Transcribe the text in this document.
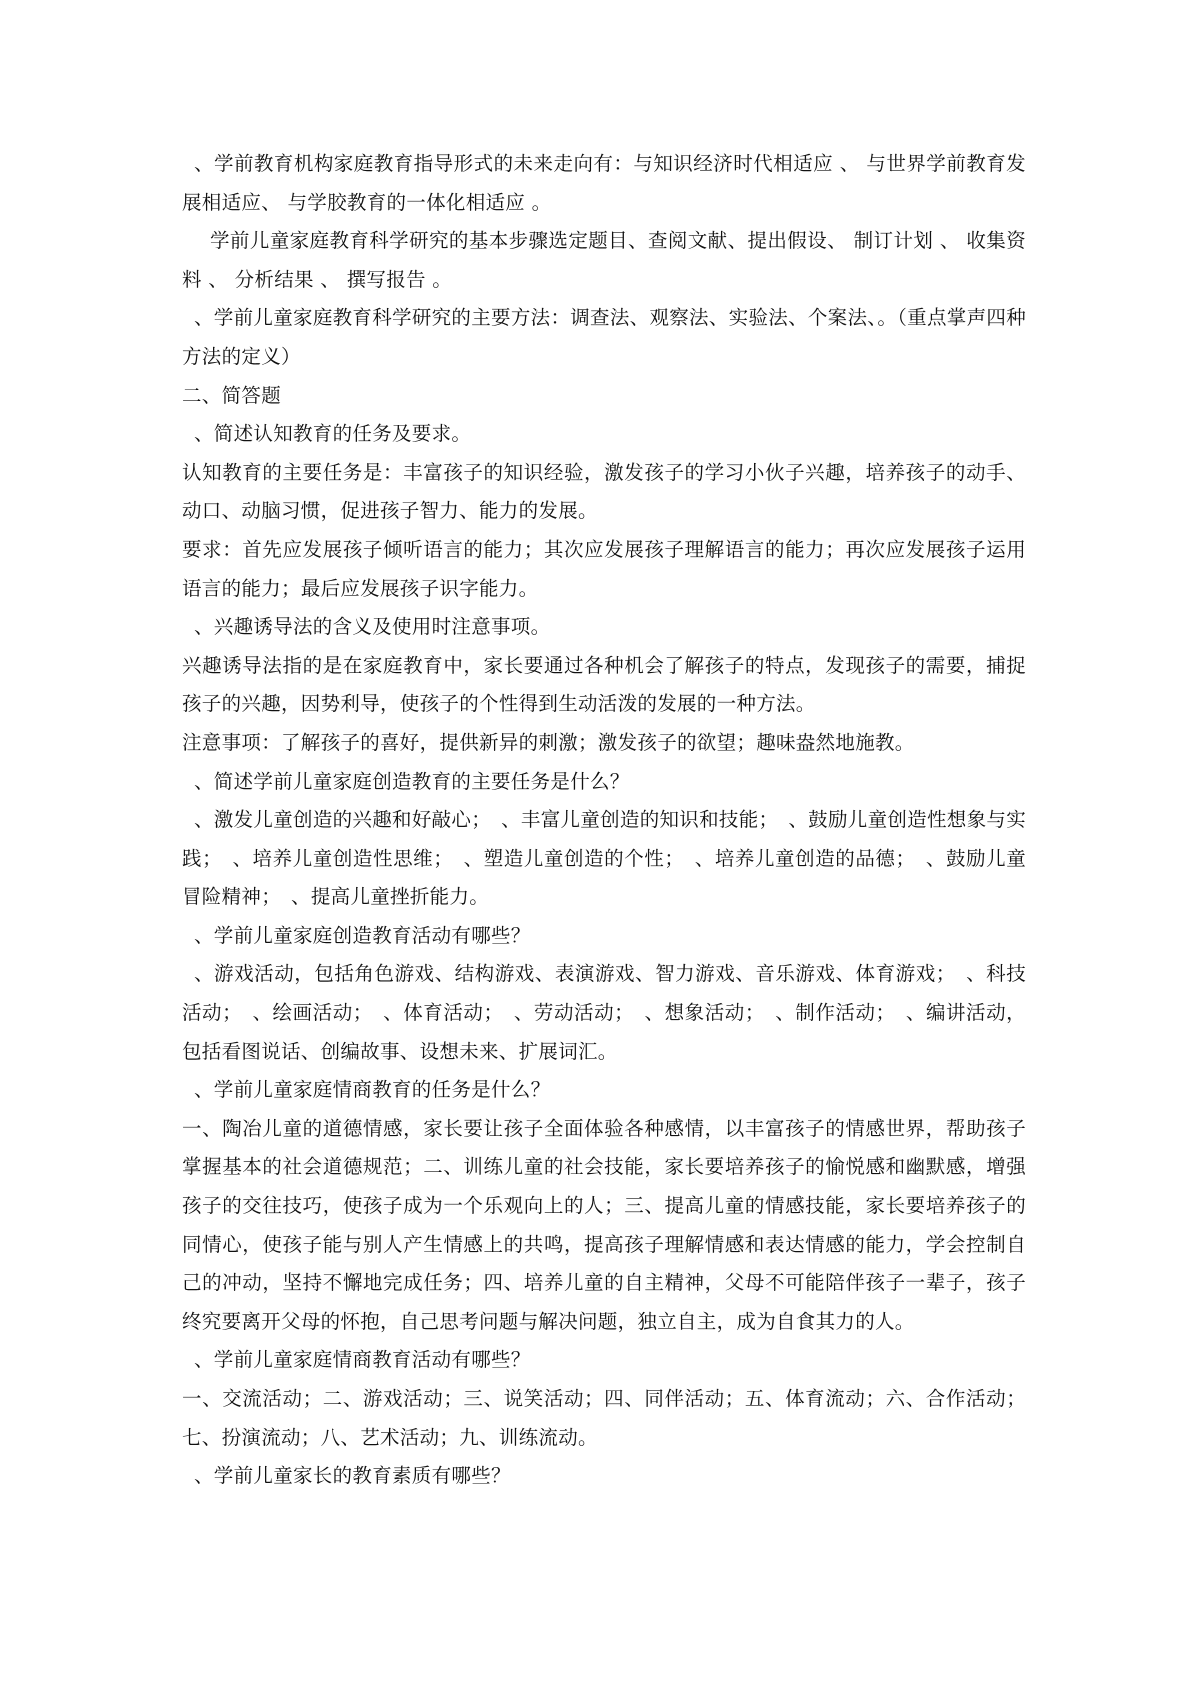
、学前教育机构家庭教育指导形式的未来走向有：与知识经济时代相适应 、 与世界学前教育发展相适应、 与学胶教育的一体化相适应 。

学前儿童家庭教育科学研究的基本步骤选定题目、查阅文献、提出假设、 制订计划 、 收集资料 、 分析结果 、 撰写报告 。

、学前儿童家庭教育科学研究的主要方法：调查法、观察法、实验法、个案法、。（重点掌声四种方法的定义）

二、简答题

、简述认知教育的任务及要求。

认知教育的主要任务是：丰富孩子的知识经验，激发孩子的学习小伙子兴趣，培养孩子的动手、动口、动脑习惯，促进孩子智力、能力的发展。

要求：首先应发展孩子倾听语言的能力；其次应发展孩子理解语言的能力；再次应发展孩子运用语言的能力；最后应发展孩子识字能力。

、兴趣诱导法的含义及使用时注意事项。

兴趣诱导法指的是在家庭教育中，家长要通过各种机会了解孩子的特点，发现孩子的需要，捕捉孩子的兴趣，因势利导，使孩子的个性得到生动活泼的发展的一种方法。

注意事项：了解孩子的喜好，提供新异的刺激；激发孩子的欲望；趣味盎然地施教。

、简述学前儿童家庭创造教育的主要任务是什么？

、激发儿童创造的兴趣和好敲心；　、丰富儿童创造的知识和技能；　、鼓励儿童创造性想象与实践；　、培养儿童创造性思维；　、塑造儿童创造的个性；　、培养儿童创造的品德；　、鼓励儿童冒险精神；　、提高儿童挫折能力。

、学前儿童家庭创造教育活动有哪些？

、游戏活动，包括角色游戏、结构游戏、表演游戏、智力游戏、音乐游戏、体育游戏；　、科技活动；　、绘画活动；　、体育活动；　、劳动活动；　、想象活动；　、制作活动；　、编讲活动，包括看图说话、创编故事、设想未来、扩展词汇。

、学前儿童家庭情商教育的任务是什么？

一、陶冶儿童的道德情感，家长要让孩子全面体验各种感情，以丰富孩子的情感世界，帮助孩子掌握基本的社会道德规范；二、训练儿童的社会技能，家长要培养孩子的愉悦感和幽默感，增强孩子的交往技巧，使孩子成为一个乐观向上的人；三、提高儿童的情感技能，家长要培养孩子的同情心，使孩子能与别人产生情感上的共鸣，提高孩子理解情感和表达情感的能力，学会控制自己的冲动，坚持不懈地完成任务；四、培养儿童的自主精神，父母不可能陪伴孩子一辈子，孩子终究要离开父母的怀抱，自己思考问题与解决问题，独立自主，成为自食其力的人。

、学前儿童家庭情商教育活动有哪些？

一、交流活动；二、游戏活动；三、说笑活动；四、同伴活动；五、体育流动；六、合作活动；七、扮演流动；八、艺术活动；九、训练流动。

、学前儿童家长的教育素质有哪些？
